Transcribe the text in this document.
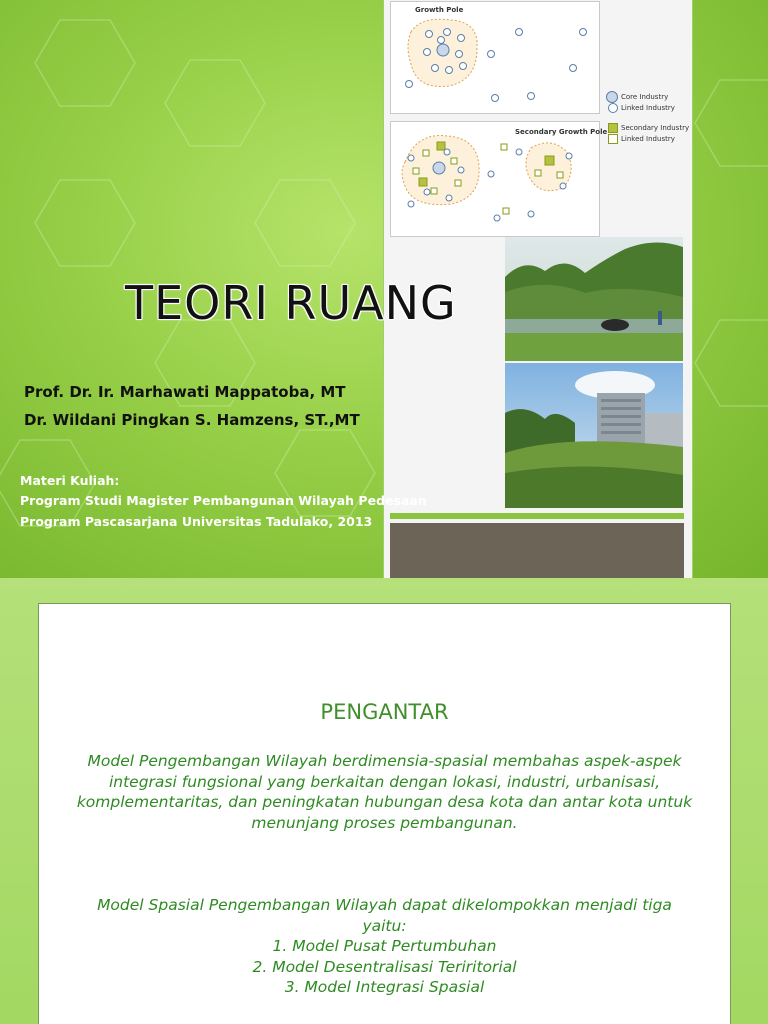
Growth Pole
Core Industry
Linked Industry
Secondary Growth Pole	Secondary Industry
Linked Industry
TEORI RUANG
Prof. Dr. Ir. Marhawati Mappatoba, MT
Dr. Wildani Pingkan S. Hamzens, ST.,MT
Materi Kuliah:
Program Studi Magister Pembangunan Wilayah Pedesaan
Program Pascasarjana Universitas Tadulako, 2013
PENGANTAR
Model Pengembangan Wilayah berdimensia-spasial membahas aspek-aspek
integrasi fungsional yang berkaitan dengan lokasi, industri, urbanisasi,
komplementaritas, dan peningkatan hubungan desa kota dan antar kota untuk
menunjang proses pembangunan.
Model Spasial Pengembangan Wilayah dapat dikelompokkan menjadi tiga
yaitu:
1. Model Pusat Pertumbuhan
2. Model Desentralisasi Teriritorial
3. Model Integrasi Spasial
